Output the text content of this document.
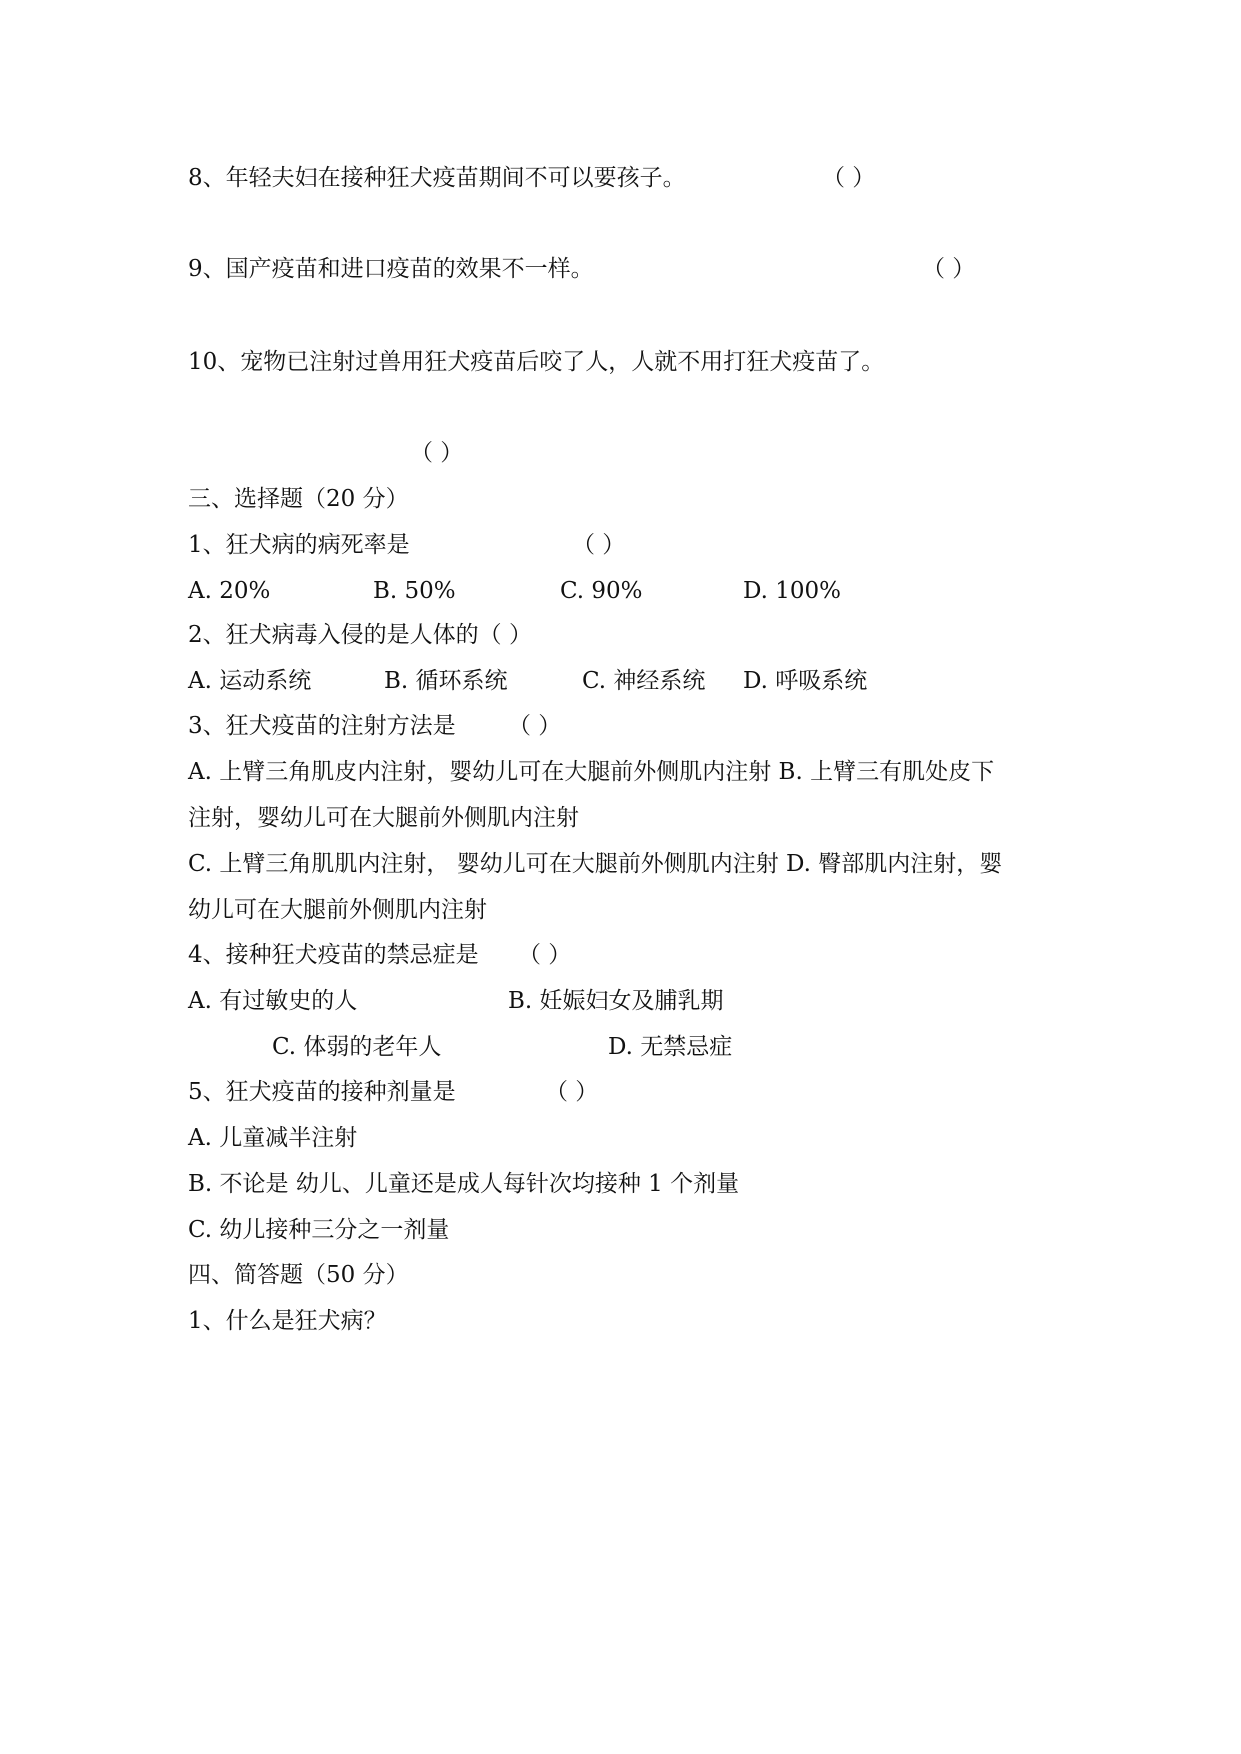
8、年轻夫妇在接种狂犬疫苗期间不可以要孩子。	（ ）
9、国产疫苗和进口疫苗的效果不一样。	（ ）
10、宠物已注射过兽用狂犬疫苗后咬了人，人就不用打狂犬疫苗了。
（ ）
三、选择题（20 分）
1、狂犬病的病死率是	（ ）
A. 20%	B. 50%	C. 90%	D. 100%
2、狂犬病毒入侵的是人体的（ ）
A. 运动系统	B. 循环系统	C. 神经系统 D. 呼吸系统
3、狂犬疫苗的注射方法是 （ ）
A. 上臂三角肌皮内注射，婴幼儿可在大腿前外侧肌内注射 B. 上臂三有肌处皮下
注射，婴幼儿可在大腿前外侧肌内注射
C. 上臂三角肌肌内注射， 婴幼儿可在大腿前外侧肌内注射 D. 臀部肌内注射，婴
幼儿可在大腿前外侧肌内注射
4、接种狂犬疫苗的禁忌症是 （ ）
A. 有过敏史的人	B. 妊娠妇女及脯乳期
C. 体弱的老年人	D. 无禁忌症
5、狂犬疫苗的接种剂量是	（ ）
A. 儿童减半注射
B. 不论是 幼儿、儿童还是成人每针次均接种 1 个剂量
C. 幼儿接种三分之一剂量
四、简答题（50 分）
1、什么是狂犬病？
